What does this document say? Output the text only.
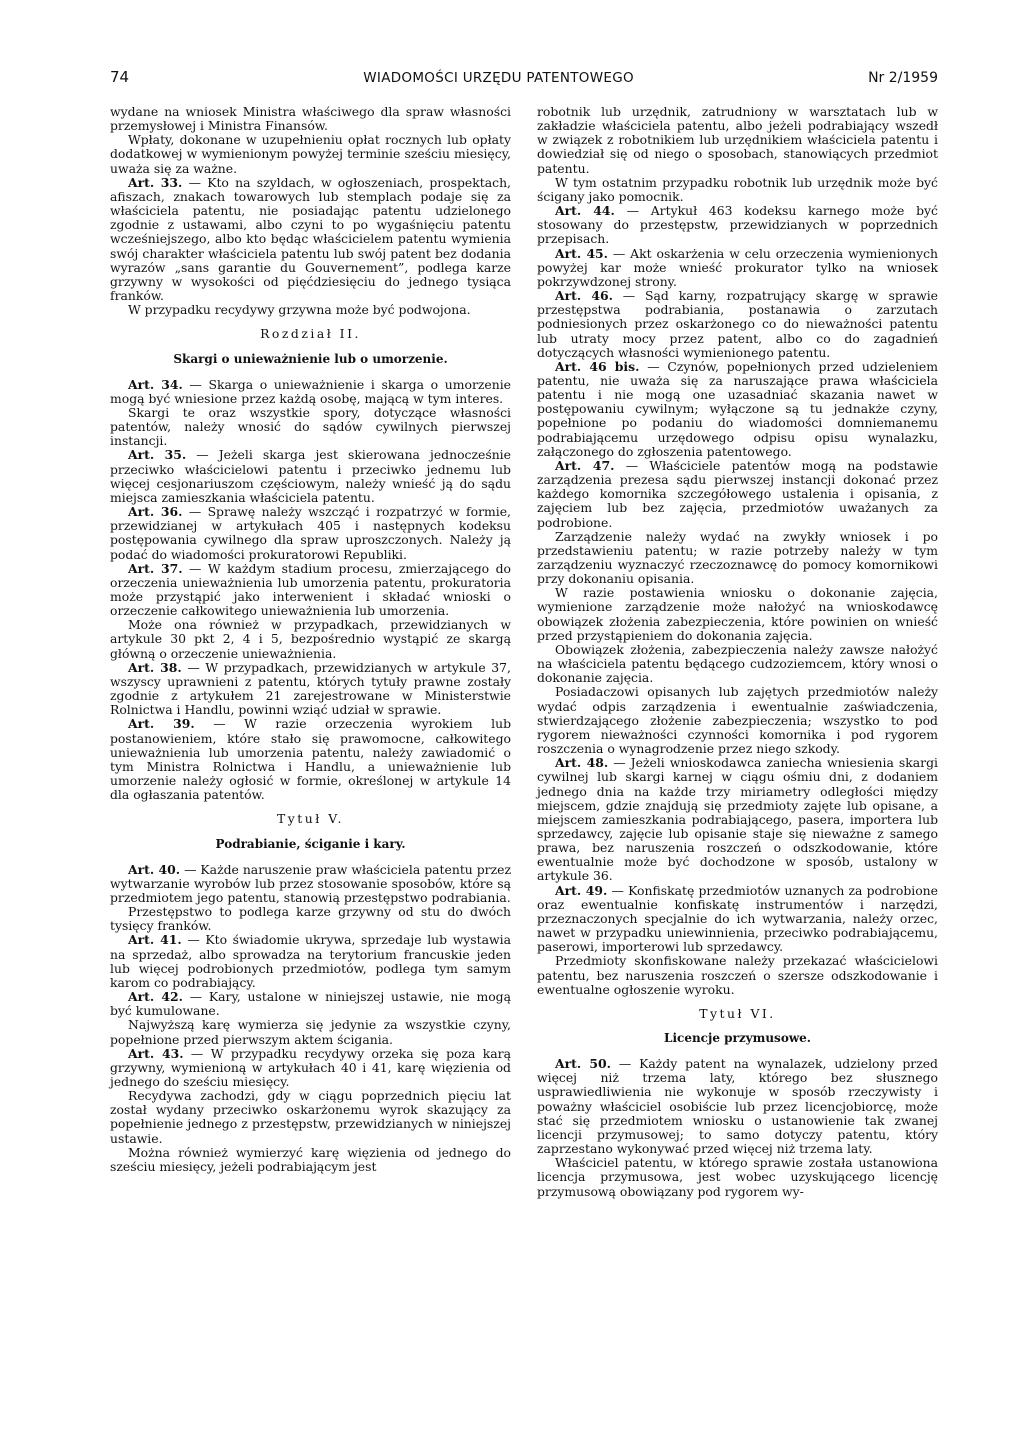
74	WIADOMOŚCI URZĘDU PATENTOWEGO	Nr 2/1959

wydane na wniosek Ministra właściwego dla spraw własności przemysłowej i Ministra Finansów.

Wpłaty, dokonane w uzupełnieniu opłat rocznych lub opłaty dodatkowej w wymienionym powyżej terminie sześciu miesięcy, uważa się za ważne.

Art. 33. — Kto na szyldach, w ogłoszeniach, prospektach, afiszach, znakach towarowych lub stemplach podaje się za właściciela patentu, nie posiadając patentu udzielonego zgodnie z ustawami, albo czyni to po wygaśnięciu patentu wcześniejszego, albo kto będąc właścicielem patentu wymienia swój charakter właściciela patentu lub swój patent bez dodania wyrazów „sans garantie du Gouvernement”, podlega karze grzywny w wysokości od pięćdziesięciu do jednego tysiąca franków.

W przypadku recydywy grzywna może być podwojona.

Rozdział II.
Skargi o unieważnienie lub o umorzenie.

Art. 34. — Skarga o unieważnienie i skarga o umorzenie mogą być wniesione przez każdą osobę, mającą w tym interes.

Skargi te oraz wszystkie spory, dotyczące własności patentów, należy wnosić do sądów cywilnych pierwszej instancji.

Art. 35. — Jeżeli skarga jest skierowana jednocześnie przeciwko właścicielowi patentu i przeciwko jednemu lub więcej cesjonariuszom częściowym, należy wnieść ją do sądu miejsca zamieszkania właściciela patentu.

Art. 36. — Sprawę należy wszcząć i rozpatrzyć w formie, przewidzianej w artykułach 405 i następnych kodeksu postępowania cywilnego dla spraw uproszczonych. Należy ją podać do wiadomości prokuratorowi Republiki.

Art. 37. — W każdym stadium procesu, zmierzającego do orzeczenia unieważnienia lub umorzenia patentu, prokuratoria może przystąpić jako interwenient i składać wnioski o orzeczenie całkowitego unieważnienia lub umorzenia.

Może ona również w przypadkach, przewidzianych w artykule 30 pkt 2, 4 i 5, bezpośrednio wystąpić ze skargą główną o orzeczenie unieważnienia.

Art. 38. — W przypadkach, przewidzianych w artykule 37, wszyscy uprawnieni z patentu, których tytuły prawne zostały zgodnie z artykułem 21 zarejestrowane w Ministerstwie Rolnictwa i Handlu, powinni wziąć udział w sprawie.

Art. 39. — W razie orzeczenia wyrokiem lub postanowieniem, które stało się prawomocne, całkowitego unieważnienia lub umorzenia patentu, należy zawiadomić o tym Ministra Rolnictwa i Handlu, a unieważnienie lub umorzenie należy ogłosić w formie, określonej w artykule 14 dla ogłaszania patentów.

Tytuł V.
Podrabianie, ściganie i kary.

Art. 40. — Każde naruszenie praw właściciela patentu przez wytwarzanie wyrobów lub przez stosowanie sposobów, które są przedmiotem jego patentu, stanowią przestępstwo podrabiania.

Przestępstwo to podlega karze grzywny od stu do dwóch tysięcy franków.

Art. 41. — Kto świadomie ukrywa, sprzedaje lub wystawia na sprzedaż, albo sprowadza na terytorium francuskie jeden lub więcej podrobionych przedmiotów, podlega tym samym karom co podrabiający.

Art. 42. — Kary, ustalone w niniejszej ustawie, nie mogą być kumulowane.

Najwyższą karę wymierza się jedynie za wszystkie czyny, popełnione przed pierwszym aktem ścigania.

Art. 43. — W przypadku recydywy orzeka się poza karą grzywny, wymienioną w artykułach 40 i 41, karę więzienia od jednego do sześciu miesięcy.

Recydywa zachodzi, gdy w ciągu poprzednich pięciu lat został wydany przeciwko oskarżonemu wyrok skazujący za popełnienie jednego z przestępstw, przewidzianych w niniejszej ustawie.

Można również wymierzyć karę więzienia od jednego do sześciu miesięcy, jeżeli podrabiającym jest

robotnik lub urzędnik, zatrudniony w warsztatach lub w zakładzie właściciela patentu, albo jeżeli podrabiający wszedł w związek z robotnikiem lub urzędnikiem właściciela patentu i dowiedział się od niego o sposobach, stanowiących przedmiot patentu.

W tym ostatnim przypadku robotnik lub urzędnik może być ścigany jako pomocnik.

Art. 44. — Artykuł 463 kodeksu karnego może być stosowany do przestępstw, przewidzianych w poprzednich przepisach.

Art. 45. — Akt oskarżenia w celu orzeczenia wymienionych powyżej kar może wnieść prokurator tylko na wniosek pokrzywdzonej strony.

Art. 46. — Sąd karny, rozpatrujący skargę w sprawie przestępstwa podrabiania, postanawia o zarzutach podniesionych przez oskarżonego co do nieważności patentu lub utraty mocy przez patent, albo co do zagadnień dotyczących własności wymienionego patentu.

Art. 46 bis. — Czynów, popełnionych przed udzieleniem patentu, nie uważa się za naruszające prawa właściciela patentu i nie mogą one uzasadniać skazania nawet w postępowaniu cywilnym; wyłączone są tu jednakże czyny, popełnione po podaniu do wiadomości domniemanemu podrabiającemu urzędowego odpisu opisu wynalazku, załączonego do zgłoszenia patentowego.

Art. 47. — Właściciele patentów mogą na podstawie zarządzenia prezesa sądu pierwszej instancji dokonać przez każdego komornika szczegółowego ustalenia i opisania, z zajęciem lub bez zajęcia, przedmiotów uważanych za podrobione.

Zarządzenie należy wydać na zwykły wniosek i po przedstawieniu patentu; w razie potrzeby należy w tym zarządzeniu wyznaczyć rzeczoznawcę do pomocy komornikowi przy dokonaniu opisania.

W razie postawienia wniosku o dokonanie zajęcia, wymienione zarządzenie może nałożyć na wnioskodawcę obowiązek złożenia zabezpieczenia, które powinien on wnieść przed przystąpieniem do dokonania zajęcia.

Obowiązek złożenia, zabezpieczenia należy zawsze nałożyć na właściciela patentu będącego cudzoziemcem, który wnosi o dokonanie zajęcia.

Posiadaczowi opisanych lub zajętych przedmiotów należy wydać odpis zarządzenia i ewentualnie zaświadczenia, stwierdzającego złożenie zabezpieczenia; wszystko to pod rygorem nieważności czynności komornika i pod rygorem roszczenia o wynagrodzenie przez niego szkody.

Art. 48. — Jeżeli wnioskodawca zaniecha wniesienia skargi cywilnej lub skargi karnej w ciągu ośmiu dni, z dodaniem jednego dnia na każde trzy miriametry odległości między miejscem, gdzie znajdują się przedmioty zajęte lub opisane, a miejscem zamieszkania podrabiającego, pasera, importera lub sprzedawcy, zajęcie lub opisanie staje się nieważne z samego prawa, bez naruszenia roszczeń o odszkodowanie, które ewentualnie może być dochodzone w sposób, ustalony w artykule 36.

Art. 49. — Konfiskatę przedmiotów uznanych za podrobione oraz ewentualnie konfiskatę instrumentów i narzędzi, przeznaczonych specjalnie do ich wytwarzania, należy orzec, nawet w przypadku uniewinnienia, przeciwko podrabiającemu, paserowi, importerowi lub sprzedawcy.

Przedmioty skonfiskowane należy przekazać właścicielowi patentu, bez naruszenia roszczeń o szersze odszkodowanie i ewentualne ogłoszenie wyroku.

Tytuł VI.
Licencje przymusowe.

Art. 50. — Każdy patent na wynalazek, udzielony przed więcej niż trzema laty, którego bez słusznego usprawiedliwienia nie wykonuje w sposób rzeczywisty i poważny właściciel osobiście lub przez licencjobiorcę, może stać się przedmiotem wniosku o ustanowienie tak zwanej licencji przymusowej; to samo dotyczy patentu, który zaprzestano wykonywać przed więcej niż trzema laty.

Właściciel patentu, w którego sprawie została ustanowiona licencja przymusowa, jest wobec uzyskującego licencję przymusową obowiązany pod rygorem wy-
